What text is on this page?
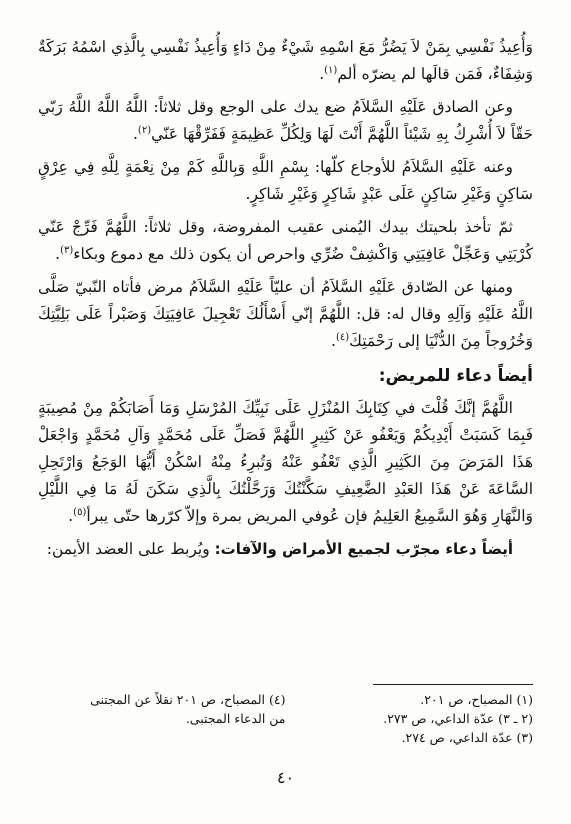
وَأُعِيذُ نَفْسِي بِمَنْ لاَ يَضُرُّ مَعَ اسْمِهِ شَيْءٌ مِنْ دَاءٍ وَأُعِيذُ نَفْسِي بِالَّذِي اسْمُهُ بَرَكَةٌ وَشِفَاءٌ، فَمَن قالَها لم يضرّه ألم$^{(١)}$.

وعن الصادق عَلَيْهِ السَّلاَمُ ضع يدك على الوجع وقل ثلاثاً: اللَّهُ اللَّهُ اللَّهُ رَبّي حَقّاً لاَ أُشْرِكُ بِهِ شَيْئاً اللَّهُمَّ أَنْتَ لَهَا وَلِكُلِّ عَظِيمَةٍ فَفَرِّقْهَا عَنّي$^{(٢)}$.

وعنه عَلَيْهِ السَّلاَمُ للأوجاع كلّها: بِسْمِ اللَّهِ وَبِاللَّهِ كَمْ مِنْ نِعْمَةٍ لِلَّهِ فِي عِرْقٍ سَاكِنٍ وَغَيْرِ سَاكِنٍ عَلَى عَبْدٍ شَاكِرٍ وَغَيْرِ شَاكِرٍ.

ثمّ تأخذ بلحيتك بيدك اليُمنى عقيب المفروضة، وقل ثلاثاً: اللَّهُمَّ فَرِّجْ عَنّي كُرْبَتِي وَعَجِّلْ عَافِيَتِي وَاكْشِفْ ضُرِّي واحرص أن يكون ذلك مع دموع وبكاء$^{(٣)}$.

ومنها عن الصّادق عَلَيْهِ السَّلاَمُ أن عليّاً عَلَيْهِ السَّلاَمُ مرض فأتاه النّبيّ صَلَّى اللَّهُ عَلَيْهِ وَآلِهِ وقال له: قل: اللَّهُمَّ إنّي أَسْأَلُكَ تَعْجِيلَ عَافِيَتِكَ وَصَبْراً عَلَى بَلِيَّتِكَ وَخُرُوجاً مِنَ الدُّنْيَا إلى رَحْمَتِكَ$^{(٤)}$.

أيضاً دعاء للمريض:

اللَّهُمَّ إنَّكَ قُلْتَ في كِتَابِكَ المُنْزَلِ عَلَى نَبِيِّكَ المُرْسَلِ وَمَا أَصَابَكُمْ مِنْ مُصِيبَةٍ فَبِمَا كَسَبَتْ أَيْدِيكُمْ وَيَعْفُو عَنْ كَثِيرٍ اللَّهُمَّ فَصَلِّ عَلَى مُحَمَّدٍ وَآلِ مُحَمَّدٍ وَاجْعَلْ هَذَا المَرَضَ مِنَ الكَثِيرِ الَّذِي تَعْفُو عَنْهُ وَتُبرِءُ مِنْهُ اسْكُنْ أَيُّهَا الوَجَعُ وَارْتَحِلِ السَّاعَةَ عَنْ هَذَا العَبْدِ الضَّعِيفِ سَكَّنْتُكَ وَرَحَّلْتُكَ بِالَّذِي سَكَنَ لَهُ مَا فِي اللَّيْلِ وَالنَّهَارِ وَهُوَ السَّمِيعُ العَلِيمُ فإن عُوفي المريض بمرة وإلاّ كرّرها حتّى يبرأ$^{(٥)}$.

أيضاً دعاء مجرّب لجميع الأمراض والآفات: ويُربط على العضد الأيمن:

(١) المصباح، ص ٢٠١.
(٢ ـ ٣) عدّة الداعي، ص ٢٧٣.
(٣) عدّة الداعي، ص ٢٧٤.
(٤) المصباح، ص ٢٠١ نقلاً عن المجتنى
من الدعاء المجتبى.
٤٠
